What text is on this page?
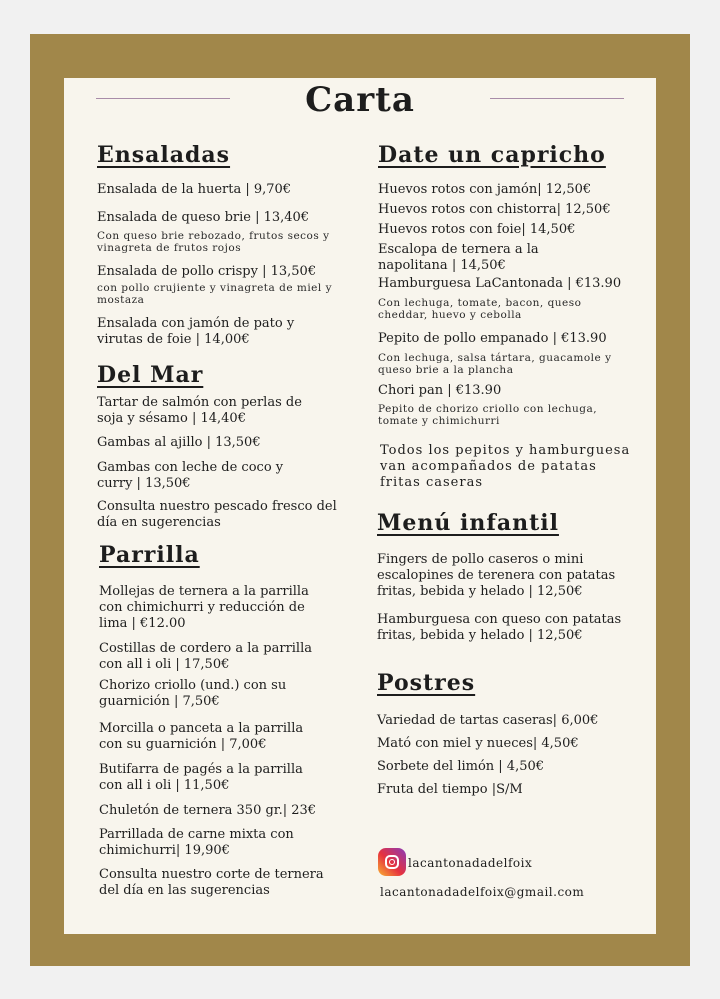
Carta

Ensaladas

Ensalada de la huerta | 9,70€

Ensalada de queso brie | 13,40€

Con queso brie rebozado, frutos secos y vinagreta de frutos rojos

Ensalada de pollo crispy | 13,50€

con pollo crujiente y vinagreta de miel y mostaza

Ensalada con jamón de pato y virutas de foie | 14,00€

Del Mar

Tartar de salmón con perlas de soja y sésamo | 14,40€

Gambas al ajillo | 13,50€

Gambas con leche de coco y curry | 13,50€

Consulta nuestro pescado fresco del día en sugerencias

Parrilla

Mollejas de ternera a la parrilla con chimichurri y reducción de lima | €12.00

Costillas de cordero a la parrilla con all i oli | 17,50€

Chorizo criollo (und.) con su guarnición | 7,50€

Morcilla o panceta a la parrilla con su guarnición | 7,00€

Butifarra de pagés a la parrilla con all i oli | 11,50€

Chuletón de ternera 350 gr.| 23€

Parrillada de carne mixta con chimichurri| 19,90€

Consulta nuestro corte de ternera del día en las sugerencias

Date un capricho

Huevos rotos con jamón| 12,50€

Huevos rotos con chistorra| 12,50€

Huevos rotos con foie| 14,50€

Escalopa de ternera a la napolitana | 14,50€

Hamburguesa LaCantonada | €13.90

Con lechuga, tomate, bacon, queso cheddar, huevo y cebolla

Pepito de pollo empanado | €13.90

Con lechuga, salsa tártara, guacamole y queso brie a la plancha

Chori pan | €13.90

Pepito de chorizo criollo con lechuga, tomate y chimichurri

Todos los pepitos y hamburguesa van acompañados de patatas fritas caseras

Menú infantil

Fingers de pollo caseros o mini escalopines de terenera con patatas fritas, bebida y helado | 12,50€

Hamburguesa con queso con patatas fritas, bebida y helado | 12,50€

Postres

Variedad de tartas caseras| 6,00€

Mató con miel y nueces| 4,50€

Sorbete del limón | 4,50€

Fruta del tiempo |S/M

lacantonadadelfoix
lacantonadadelfoix@gmail.com
